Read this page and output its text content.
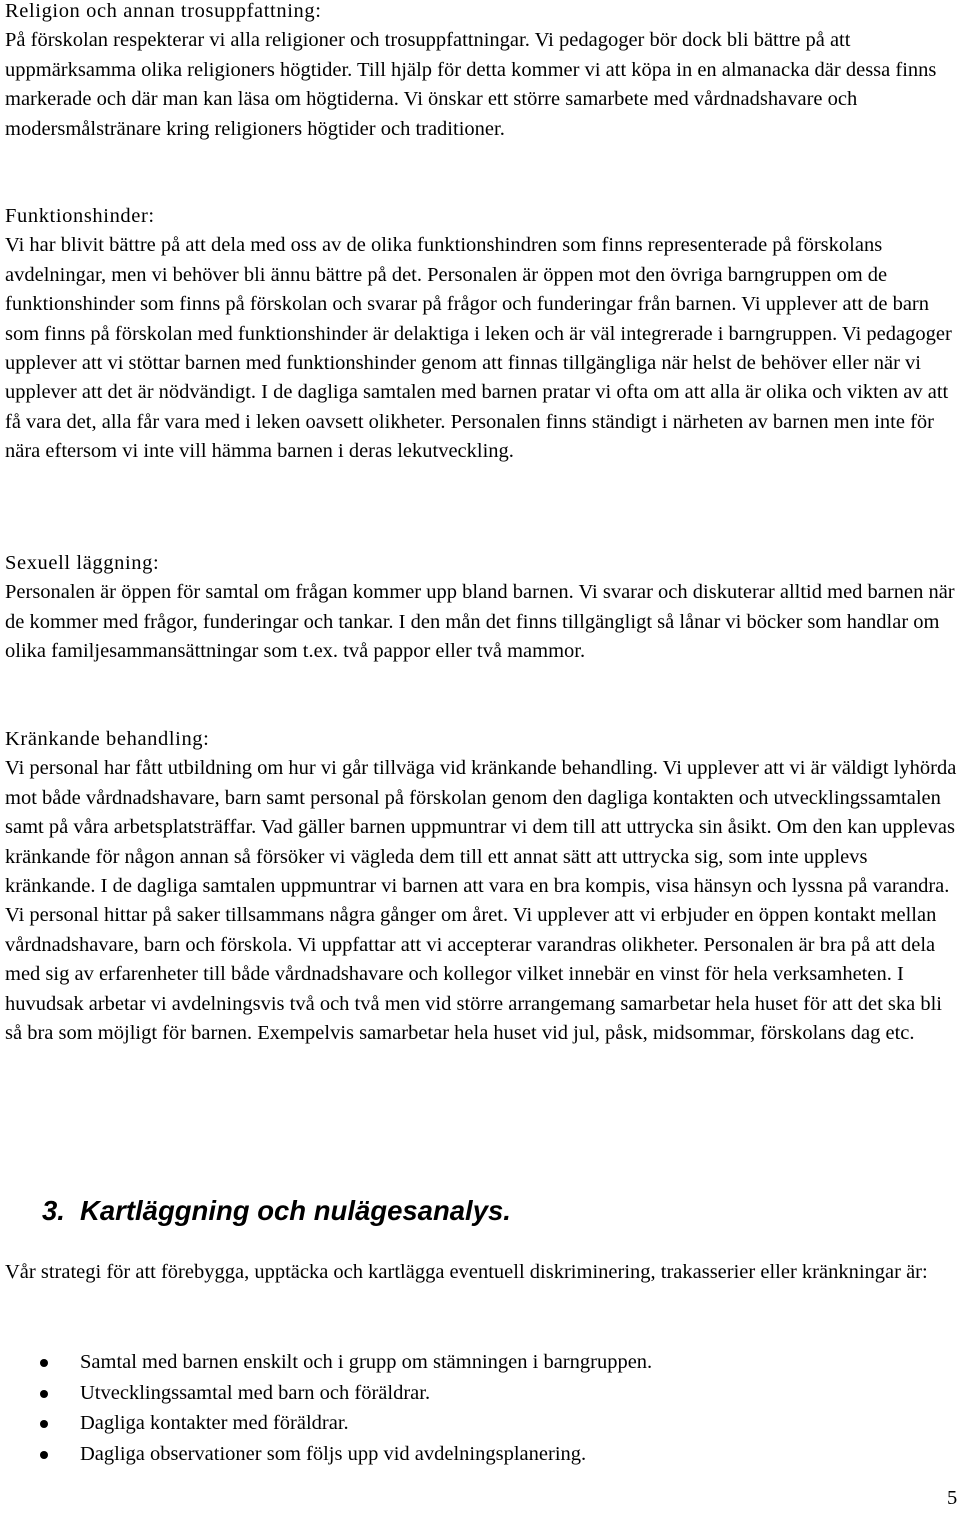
Religion och annan trosuppfattning:

På förskolan respekterar vi alla religioner och trosuppfattningar. Vi pedagoger bör dock bli bättre på att uppmärksamma olika religioners högtider. Till hjälp för detta kommer vi att köpa in en almanacka där dessa finns markerade och där man kan läsa om högtiderna. Vi önskar ett större samarbete med vårdnadshavare och modersmålstränare kring religioners högtider och traditioner.

Funktionshinder:

Vi har blivit bättre på att dela med oss av de olika funktionshindren som finns representerade på förskolans avdelningar, men vi behöver bli ännu bättre på det. Personalen är öppen mot den övriga barngruppen om de funktionshinder som finns på förskolan och svarar på frågor och funderingar från barnen. Vi upplever att de barn som finns på förskolan med funktionshinder är delaktiga i leken och är väl integrerade i barngruppen. Vi pedagoger upplever att vi stöttar barnen med funktionshinder genom att finnas tillgängliga när helst de behöver eller när vi upplever att det är nödvändigt. I de dagliga samtalen med barnen pratar vi ofta om att alla är olika och vikten av att få vara det, alla får vara med i leken oavsett olikheter. Personalen finns ständigt i närheten av barnen men inte för nära eftersom vi inte vill hämma barnen i deras lekutveckling.

Sexuell läggning:

Personalen är öppen för samtal om frågan kommer upp bland barnen. Vi svarar och diskuterar alltid med barnen när de kommer med frågor, funderingar och tankar. I den mån det finns tillgängligt så lånar vi böcker som handlar om olika familjesammansättningar som t.ex. två pappor eller två mammor.

Kränkande behandling:

Vi personal har fått utbildning om hur vi går tillväga vid kränkande behandling. Vi upplever att vi är väldigt lyhörda mot både vårdnadshavare, barn samt personal på förskolan genom den dagliga kontakten och utvecklingssamtalen samt på våra arbetsplatsträffar. Vad gäller barnen uppmuntrar vi dem till att uttrycka sin åsikt. Om den kan upplevas kränkande för någon annan så försöker vi vägleda dem till ett annat sätt att uttrycka sig, som inte upplevs kränkande. I de dagliga samtalen uppmuntrar vi barnen att vara en bra kompis, visa hänsyn och lyssna på varandra. Vi personal hittar på saker tillsammans några gånger om året. Vi upplever att vi erbjuder en öppen kontakt mellan vårdnadshavare, barn och förskola. Vi uppfattar att vi accepterar varandras olikheter. Personalen är bra på att dela med sig av erfarenheter till både vårdnadshavare och kollegor vilket innebär en vinst för hela verksamheten. I huvudsak arbetar vi avdelningsvis två och två men vid större arrangemang samarbetar hela huset för att det ska bli så bra som möjligt för barnen. Exempelvis samarbetar hela huset vid jul, påsk, midsommar, förskolans dag etc.

3. Kartläggning och nulägesanalys.

Vår strategi för att förebygga, upptäcka och kartlägga eventuell diskriminering, trakasserier eller kränkningar är:

Samtal med barnen enskilt och i grupp om stämningen i barngruppen.
Utvecklingssamtal med barn och föräldrar.
Dagliga kontakter med föräldrar.
Dagliga observationer som följs upp vid avdelningsplanering.
5
